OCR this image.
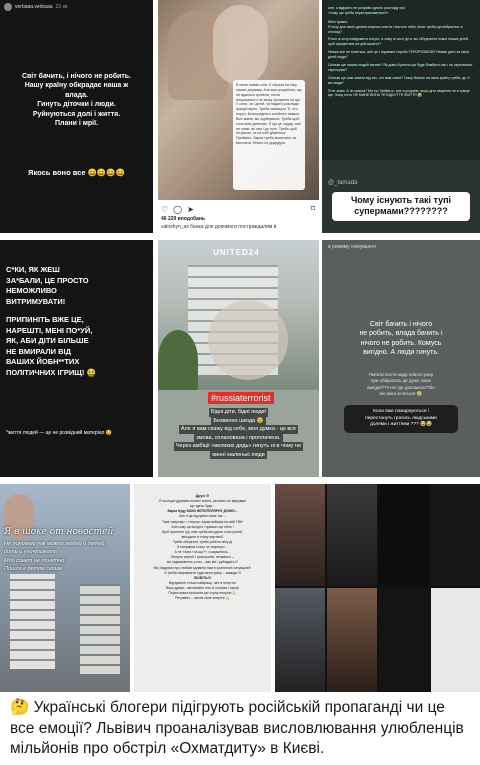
verbaaa.verbaaa 23 хв
Світ бачить, і нічого не робить.
Нашу країну обкрадає наша ж
влада.
Гинуть діточки і люди.
Руйнуються долі і життя.
Плани і мрії.
Якось воно все 😄😄😄😄
В мене немає слів. Є образа на таку наших державу. Але моє розуміння, що не вдалося зробити, після вчорашнього не можу зрозуміти на що її сили, чи і дітей, чи надати розгляди кращої вірно. Треба захищати ТІ, хто поруч. Безпорадного злобного навкол. Всіх мами, ми зруйнували. Треба щоб хоче всім дитячим. Я що це ходжу, але не знаю, як там і до чого, Треба щоб готували, та на собі дбається. Прийміть. Зараз треба молитися, як вистояти. Нічого не додадуть.
♡ ◯ ➤	⌑
46 229 вподобань
valoshyn_ax банка для допомоги постраждалим в
але, я відкрито не розумію одного розгляду про
«чому ще треба перестраховатися?»
Мені травні:
Я хочу для своєї дитини мирного життя і чистого неба. Коли треба ще вибратися зі столиці?
Я все ж хочу повідомити хочуть, в чому ж чисті діти, всі об'єднання інших наших дітей, щоб справитися на цей момент?
Невже все не хочеться, але це і справжні спроби ТЕРОРИЗМОМ? Невже дати за своїх дітей люди?
Скільки ще наших людей загине? Як довго Кремль ще буде бомбити нас і на окупованих територіях?
Скільки ще нам чекати від тих, хто мав знати? Чому більше на свою країну треба, де ті всі люди?
Я не знаю. А чи можна? Ми тут. Вибачте, але я розумію, якщо діти хворіють не в гуморі ще. Чому ніхто НЕ МИНЕ ВОНА ТЕ ВІДЧУТТЯ ЖИТТЯ 😭
@_tamada
Чому існують такі тупі супермами????????
С*КИ, ЯК ЖЕШ
ЗА*БАЛИ, ЦЕ ПРОСТО
НЕМОЖЛИВО
ВИТРИМУВАТИ!
ПРИПИНІТЬ ВЖЕ ЦЕ,
НАРЕШТІ, МЕНІ ПО*УЙ,
ЯК, АБИ ДІТИ БІЛЬШЕ
НЕ ВМИРАЛИ ВІД
ВАШИХ ЙОБН**ТИХ
ПОЛІТИЧНИХ ІГРИЩ! 🤮
*життя людей — це не розвідний матеріал 😢
UNITED24
#russiaterrorist
Бідні діти, бідні люди!
Безвинно шкода 😢
Але я вам скажу від себе, моя думка - це все
змова, спланована і проплачена.
Через амбіції «великих дядь» гинуть ні в чому не
винні маленькі люди
в режиму очікування
Світ бачить і нічого
не робить, влада бачить і
нічого не робить. Комусь
вигідно. А люди гинуть.
Писати пости кадр нового разу
при обвірілась це дуже знаю
вихідні??!! Не їде допомога??бо
він мені хочеться 😢
Коли вже пожаркуються і
перестануть гратись людськими
долями і життями ??? 😭😭
Я в шоке от новостей
Не понимаю как можно людей и детей
бить и уничтожать
Мой совет не понятно
Пошла к детям своим
Друзі !!!
Я сьогодні друзями погано спала, реально не відчуваю
що здесь буде...
Зараз буду МОЮ НЕПОПУЛЯРНУ ДУМКУ...
Але я це відчуваю саме так ...
Така «жертва» і «терор» зараз вийшов на свій ГВК!
Але кому це вигідно і прямого це гібно !
Щоб зупинити гру, нам треба виходити з-ких ролей,
виходити в стану жертви!!!
Треба оберігати, треба робити мілу ді
й напрямок стану «в творець»...
А не «хата «за що?» і скаржитись...
Енергія агресії і прокльонів, ненависті –
всі підживлюють у них – вас ми і рубіждать !!!
Ми згадуємо про любові єднання нам в критичних ситуаціях!!!
А треба направляти туди свою увагу – завжди !!!
ЛЮБІТЬ!!!
Відчуваєте тільки найкращі, світлі почуття!
Ваші думки – впливайте ніть із головах і серці!
Перестаньте множити цю чорну енергію 🙏
Ретравіть – закліє ліше енергію 🙏
🤔 Українські блогери підігрують російській пропаганді чи це все емоції? Львівич проаналізував висловлювання улюбленців мільйонів про обстріл «Охматдиту» в Києві.
